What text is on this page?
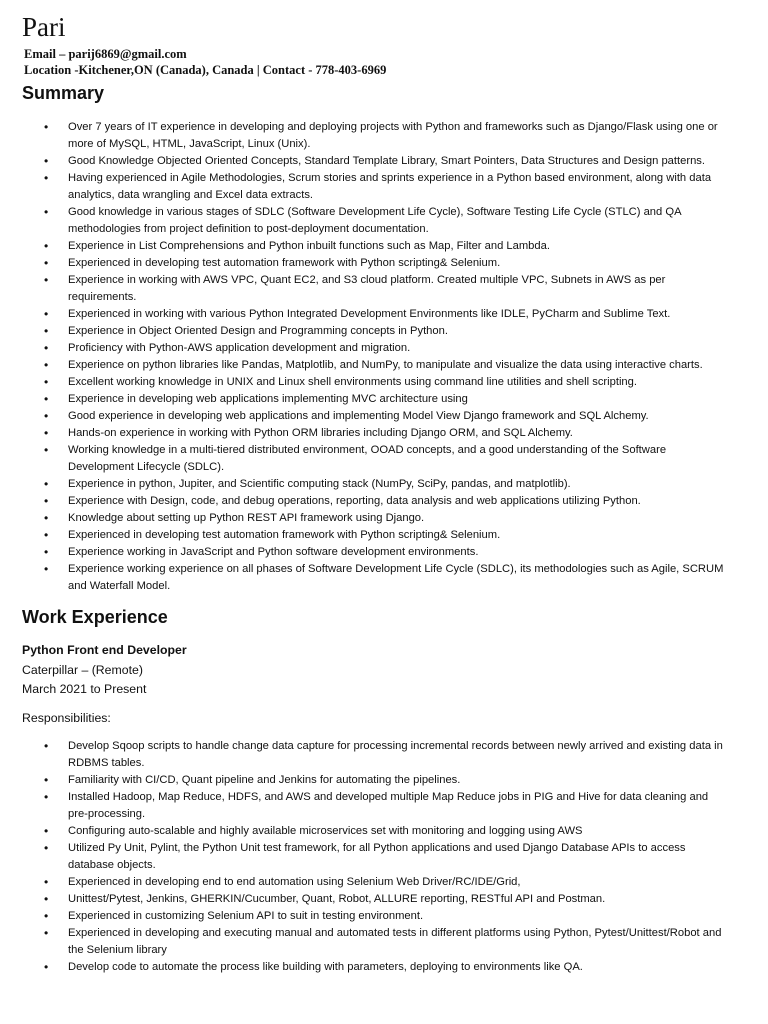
Pari
Email – parij6869@gmail.com
Location -Kitchener,ON (Canada), Canada | Contact - 778-403-6969
Summary
• Over 7 years of IT experience in developing and deploying projects with Python and frameworks such as Django/Flask using one or more of MySQL, HTML, JavaScript, Linux (Unix).
• Good Knowledge Objected Oriented Concepts, Standard Template Library, Smart Pointers, Data Structures and Design patterns.
• Having experienced in Agile Methodologies, Scrum stories and sprints experience in a Python based environment, along with data analytics, data wrangling and Excel data extracts.
• Good knowledge in various stages of SDLC (Software Development Life Cycle), Software Testing Life Cycle (STLC) and QA methodologies from project definition to post-deployment documentation.
• Experience in List Comprehensions and Python inbuilt functions such as Map, Filter and Lambda.
• Experienced in developing test automation framework with Python scripting& Selenium.
• Experience in working with AWS VPC, Quant EC2, and S3 cloud platform. Created multiple VPC, Subnets in AWS as per requirements.
• Experienced in working with various Python Integrated Development Environments like IDLE, PyCharm and Sublime Text.
• Experience in Object Oriented Design and Programming concepts in Python.
• Proficiency with Python-AWS application development and migration.
• Experience on python libraries like Pandas, Matplotlib, and NumPy, to manipulate and visualize the data using interactive charts.
• Excellent working knowledge in UNIX and Linux shell environments using command line utilities and shell scripting.
• Experience in developing web applications implementing MVC architecture using
• Good experience in developing web applications and implementing Model View Django framework and SQL Alchemy.
• Hands-on experience in working with Python ORM libraries including Django ORM, and SQL Alchemy.
• Working knowledge in a multi-tiered distributed environment, OOAD concepts, and a good understanding of the Software Development Lifecycle (SDLC).
• Experience in python, Jupiter, and Scientific computing stack (NumPy, SciPy, pandas, and matplotlib).
• Experience with Design, code, and debug operations, reporting, data analysis and web applications utilizing Python.
• Knowledge about setting up Python REST API framework using Django.
• Experienced in developing test automation framework with Python scripting& Selenium.
• Experience working in JavaScript and Python software development environments.
• Experience working experience on all phases of Software Development Life Cycle (SDLC), its methodologies such as Agile, SCRUM and Waterfall Model.
Work Experience
Python Front end Developer
Caterpillar – (Remote)
March 2021 to Present
Responsibilities:
• Develop Sqoop scripts to handle change data capture for processing incremental records between newly arrived and existing data in RDBMS tables.
• Familiarity with CI/CD, Quant pipeline and Jenkins for automating the pipelines.
• Installed Hadoop, Map Reduce, HDFS, and AWS and developed multiple Map Reduce jobs in PIG and Hive for data cleaning and pre-processing.
• Configuring auto-scalable and highly available microservices set with monitoring and logging using AWS
• Utilized Py Unit, Pylint, the Python Unit test framework, for all Python applications and used Django Database APIs to access database objects.
• Experienced in developing end to end automation using Selenium Web Driver/RC/IDE/Grid,
• Unittest/Pytest, Jenkins, GHERKIN/Cucumber, Quant, Robot, ALLURE reporting, RESTful API and Postman.
• Experienced in customizing Selenium API to suit in testing environment.
• Experienced in developing and executing manual and automated tests in different platforms using Python, Pytest/Unittest/Robot and the Selenium library
• Develop code to automate the process like building with parameters, deploying to environments like QA.
